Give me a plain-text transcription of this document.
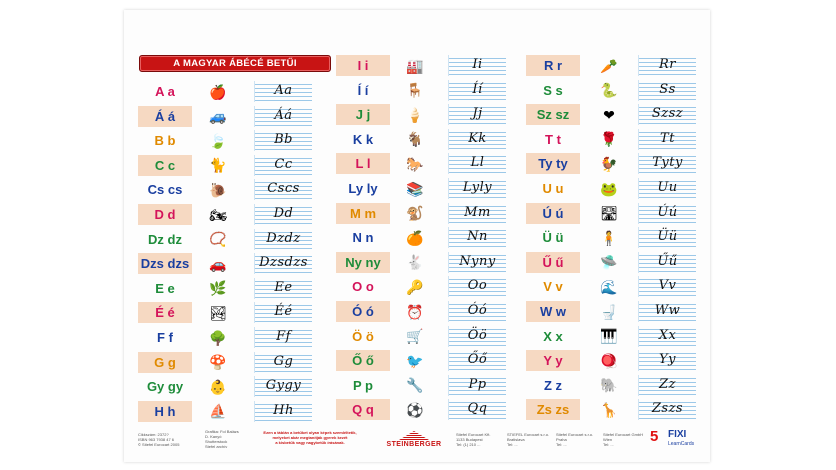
A MAGYAR ÁBÉCÉ BETŰI
A a	🍎	Aa
Á á	🚙	Áá
B b	🍃	Bb
C c	🐈	Cc
Cs cs	🐌	Cscs
D d	🏍	Dd
Dz dz	📿	Dzdz
Dzs dzs	🚗	Dzsdzs
E e	🌿	Ee
É é	🏞	Éé
F f	🌳	Ff
G g	🍄	Gg
Gy gy	👶	Gygy
H h	⛵	Hh
I i	🏭	Ii
Í í	🪑	Íí
J j	🍦	Jj
K k	🐐	Kk
L l	🐎	Ll
Ly ly	📚	Lyly
M m	🐒	Mm
N n	🍊	Nn
Ny ny	🐇	Nyny
O o	🔑	Oo
Ó ó	⏰	Óó
Ö ö	🛒	Öö
Ő ő	🐦	Őő
P p	🔧	Pp
Q q	⚽	Qq
R r	🥕	Rr
S s	🐍	Ss
Sz sz	❤	Szsz
T t	🌹	Tt
Ty ty	🐓	Tyty
U u	🐸	Uu
Ú ú	🛣	Úú
Ü ü	🧍	Üü
Ű ű	🛸	Űű
V v	🌊	Vv
W w	🚽	Ww
X x	🎹	Xx
Y y	🪀	Yy
Z z	🐘	Zz
Zs zs	🦒	Zszs
Cikkszám: 2372?
ISBN 963 7938 47 6
© Stiefel Eurocart 2005
Grafika: Fol Balázs
D. Kanyó
Shutterstock
Stefel archív
Ezen a táblán a betűket olyan képek szemléltetik,
melyeket akár megtanítják gyerek kezét
a kisbetűk vagy nagybetűk írásának.	STEINBERGER
Stiefel Eurocart Kft.
1133 Budapest
Tel: (1) 210 ...
STIEFEL Eurocart s.r.o.
Bratislava
Tel: ...
Stiefel Eurocart s.r.o.
Praha
Tel: ...
Stiefel Eurocart GmbH
Wien
Tel: ...	5 FIXI
LearnCards
